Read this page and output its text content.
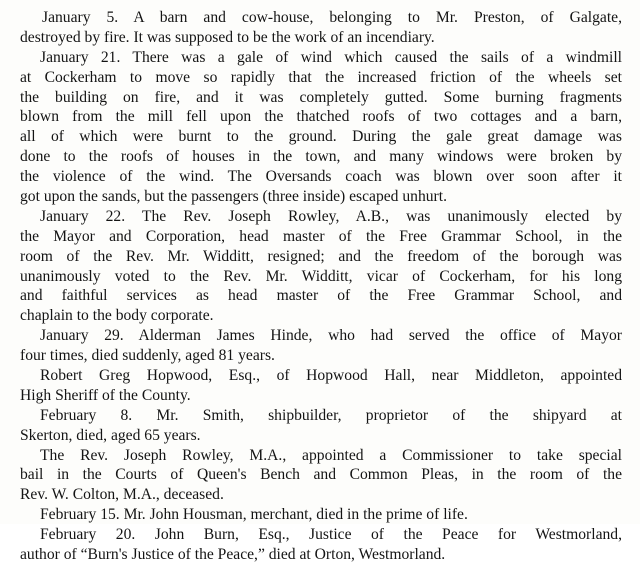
January 5. A barn and cow-house, belonging to Mr. Preston, of Galgate,
destroyed by fire. It was supposed to be the work of an incendiary.
January 21. There was a gale of wind which caused the sails of a windmill
at Cockerham to move so rapidly that the increased friction of the wheels set
the building on fire, and it was completely gutted. Some burning fragments
blown from the mill fell upon the thatched roofs of two cottages and a barn,
all of which were burnt to the ground. During the gale great damage was
done to the roofs of houses in the town, and many windows were broken by
the violence of the wind. The Oversands coach was blown over soon after it
got upon the sands, but the passengers (three inside) escaped unhurt.
January 22. The Rev. Joseph Rowley, A.B., was unanimously elected by
the Mayor and Corporation, head master of the Free Grammar School, in the
room of the Rev. Mr. Widditt, resigned; and the freedom of the borough was
unanimously voted to the Rev. Mr. Widditt, vicar of Cockerham, for his long
and faithful services as head master of the Free Grammar School, and
chaplain to the body corporate.
January 29. Alderman James Hinde, who had served the office of Mayor
four times, died suddenly, aged 81 years.
Robert Greg Hopwood, Esq., of Hopwood Hall, near Middleton, appointed
High Sheriff of the County.
February 8. Mr. Smith, shipbuilder, proprietor of the shipyard at
Skerton, died, aged 65 years.
The Rev. Joseph Rowley, M.A., appointed a Commissioner to take special
bail in the Courts of Queen's Bench and Common Pleas, in the room of the
Rev. W. Colton, M.A., deceased.
February 15. Mr. John Housman, merchant, died in the prime of life.
February 20. John Burn, Esq., Justice of the Peace for Westmorland,
author of “Burn's Justice of the Peace,” died at Orton, Westmorland.
